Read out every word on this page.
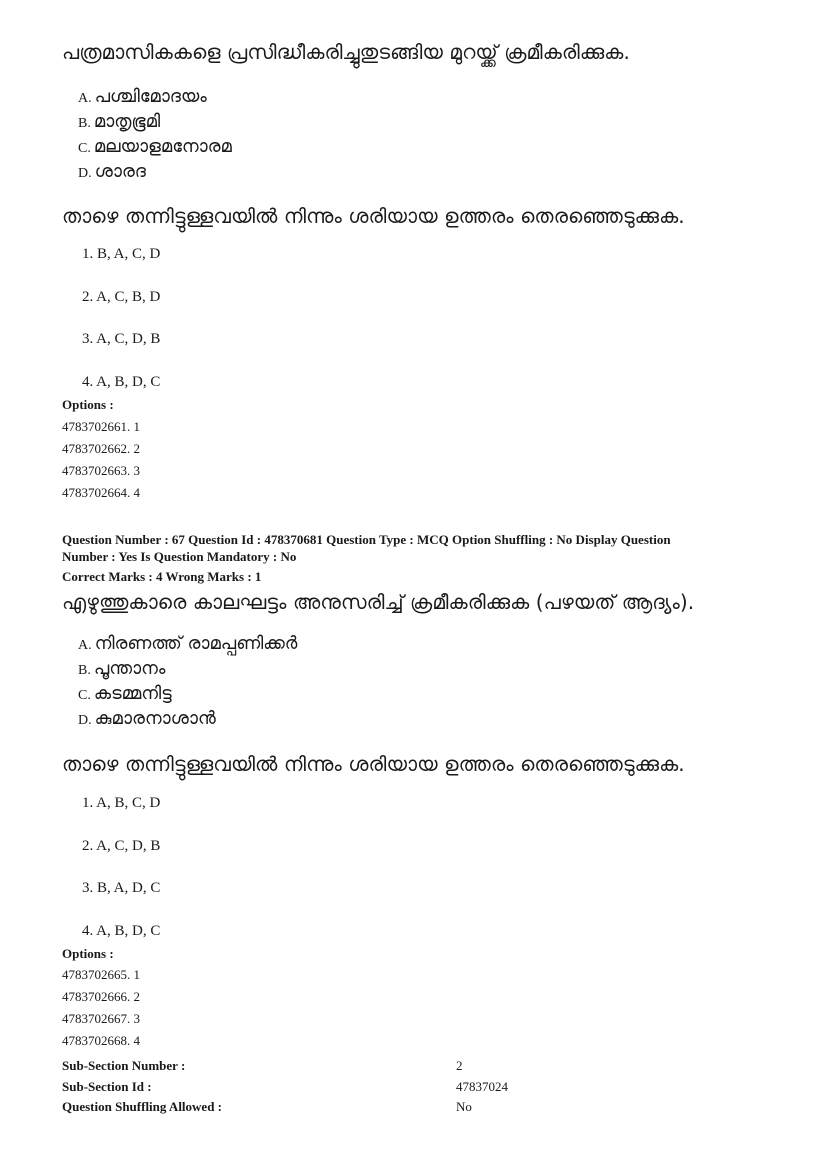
പത്രമാസികകളെ പ്രസിദ്ധീകരിച്ചുതുടങ്ങിയ മുറയ്ക്ക് ക്രമീകരിക്കുക.
A. പശ്ചിമോദയം
B. മാതൃഭൂമി
C. മലയാളമനോരമ
D. ശാരദ
താഴെ തന്നിട്ടുള്ളവയിൽ നിന്നും ശരിയായ ഉത്തരം തെരഞ്ഞെടുക്കുക.
1. B, A, C, D
2. A, C, B, D
3. A, C, D, B
4. A, B, D, C
Options :
4783702661. 1
4783702662. 2
4783702663. 3
4783702664. 4
Question Number : 67 Question Id : 478370681 Question Type : MCQ Option Shuffling : No Display Question
Number : Yes Is Question Mandatory : No
Correct Marks : 4 Wrong Marks : 1
എഴുത്തുകാരെ കാലഘട്ടം അനുസരിച്ച് ക്രമീകരിക്കുക (പഴയത് ആദ്യം).
A. നിരണത്ത് രാമപ്പണിക്കർ
B. പൂന്താനം
C. കടമ്മനിട്ട
D. കുമാരനാശാൻ
താഴെ തന്നിട്ടുള്ളവയിൽ നിന്നും ശരിയായ ഉത്തരം തെരഞ്ഞെടുക്കുക.
1. A, B, C, D
2. A, C, D, B
3. B, A, D, C
4. A, B, D, C
Options :
4783702665. 1
4783702666. 2
4783702667. 3
4783702668. 4
Sub-Section Number :	2
Sub-Section Id :	47837024
Question Shuffling Allowed :	No
